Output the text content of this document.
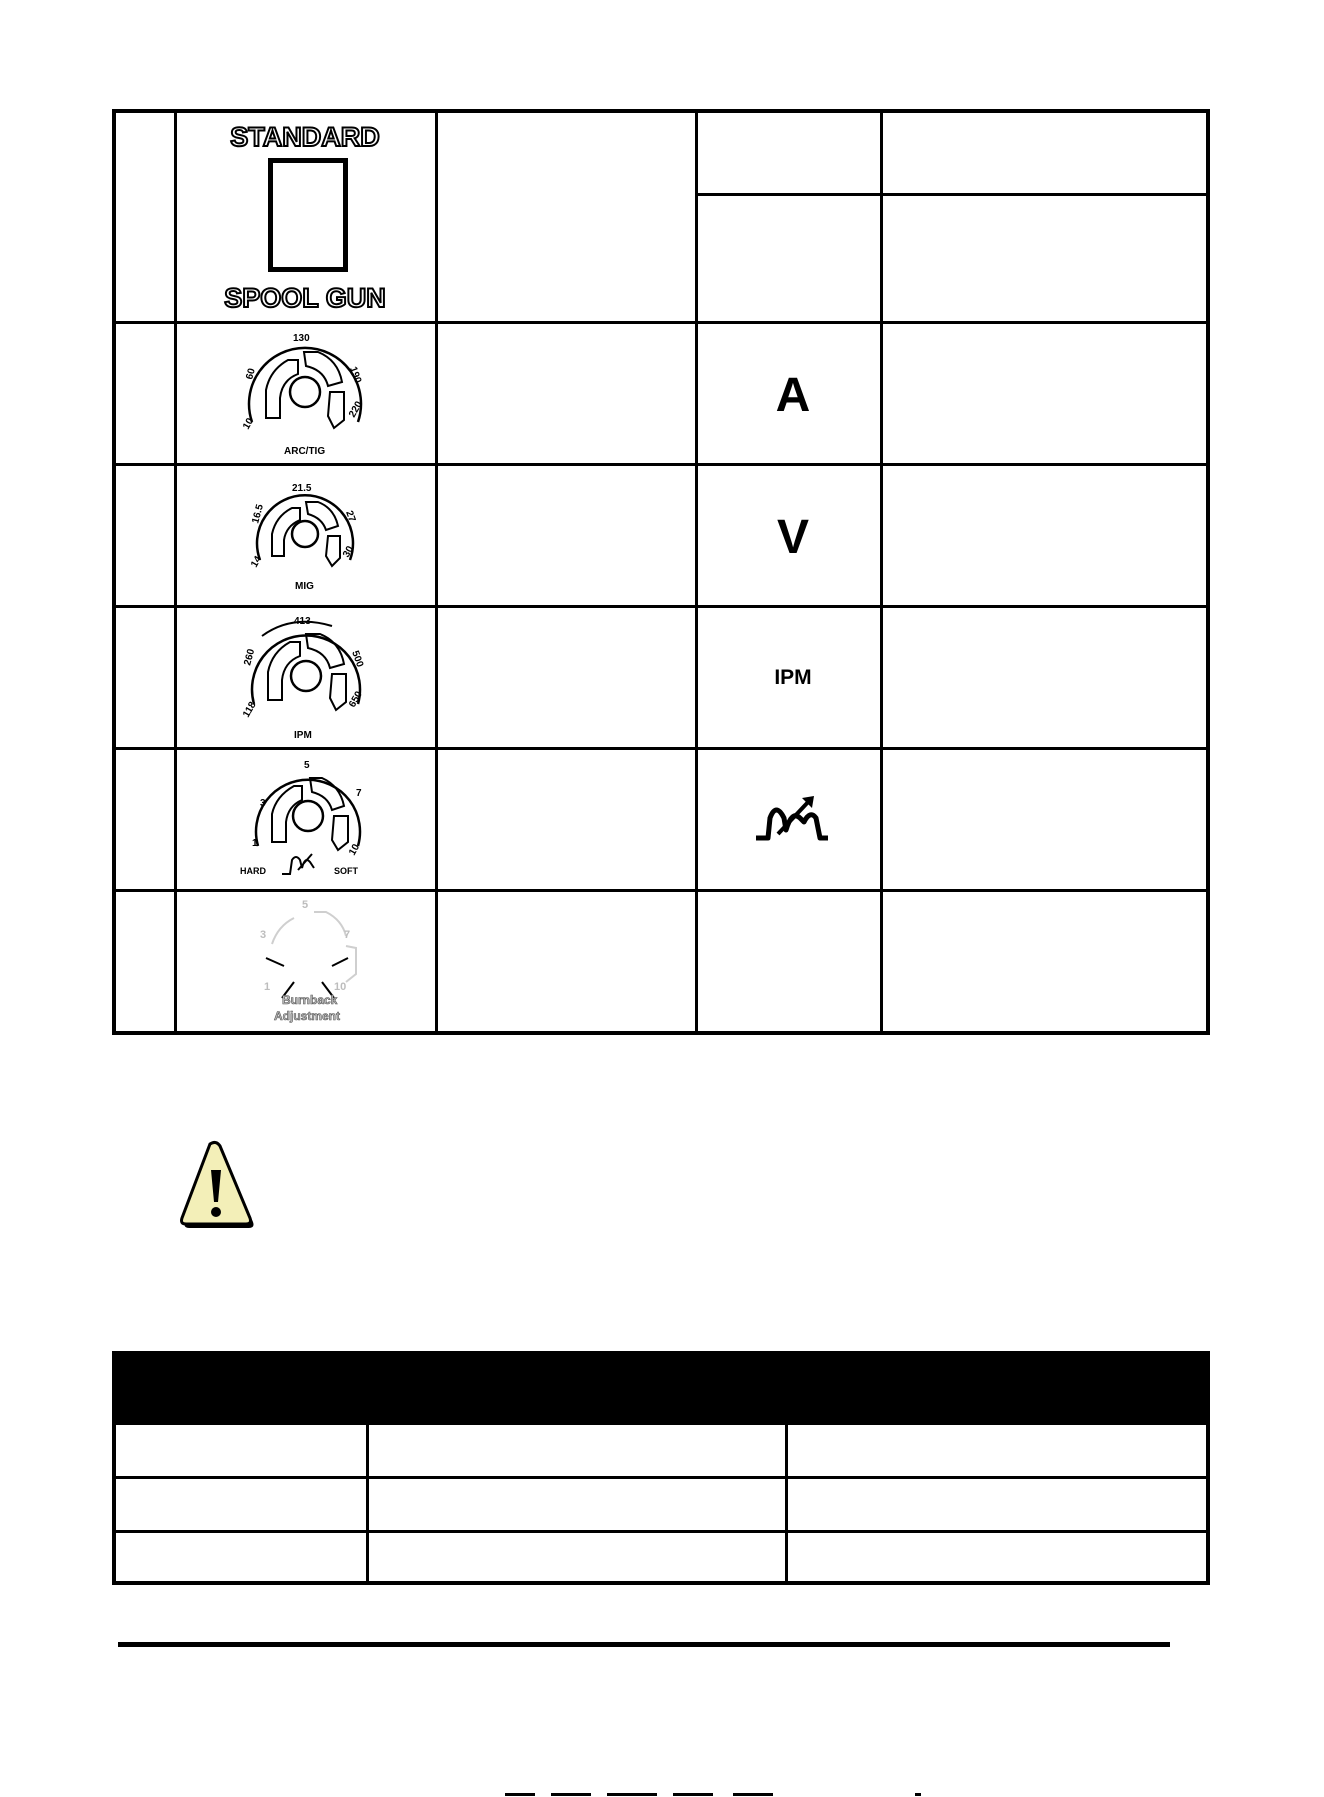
STANDARD
SPOOL GUN
10
60
130
190
220
ARC/TIG
A
14
16.5
21.5
27
30
MIG
V
118
260
413
500
650
IPM
IPM
1
3
5
7
10
HARD	SOFT
1
3
5
7
10
Burnback
Adjustment
